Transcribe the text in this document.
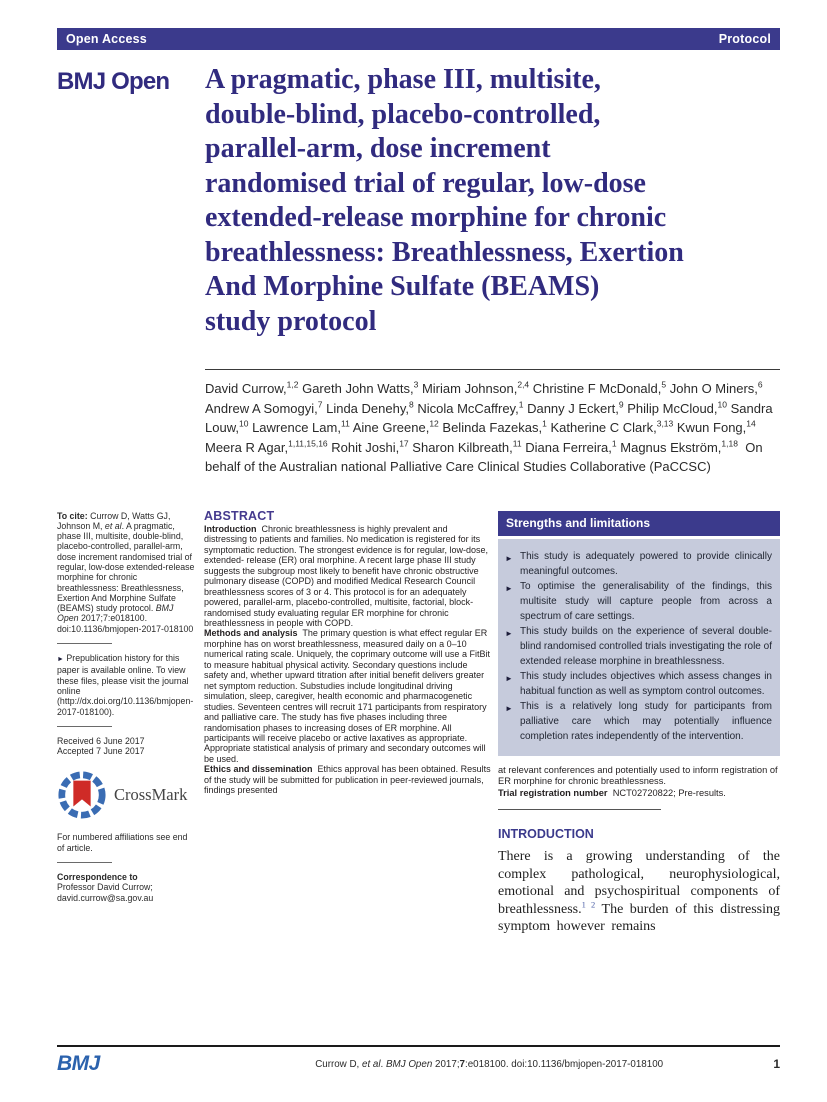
Open Access	Protocol
BMJ Open	A pragmatic, phase III, multisite,
double-blind, placebo-controlled,
parallel-arm, dose increment
randomised trial of regular, low-dose
extended-release morphine for chronic
breathlessness: Breathlessness, Exertion
And Morphine Sulfate (BEAMS)
study protocol

David Currow,$^{1,2}$ Gareth John Watts,$^3$ Miriam Johnson,$^{2,4}$ Christine F McDonald,$^5$ John O Miners,$^6$ Andrew A Somogyi,$^7$ Linda Denehy,$^8$ Nicola McCaffrey,$^1$ Danny J Eckert,$^9$ Philip McCloud,$^{10}$ Sandra Louw,$^{10}$ Lawrence Lam,$^{11}$ Aine Greene,$^{12}$ Belinda Fazekas,$^1$ Katherine C Clark,$^{3,13}$ Kwun Fong,$^{14}$ Meera R Agar,$^{1,11,15,16}$ Rohit Joshi,$^{17}$ Sharon Kilbreath,$^{11}$ Diana Ferreira,$^1$ Magnus Ekström,$^{1,18}$  On behalf of the Australian national Palliative Care Clinical Studies Collaborative (PaCCSC)

To cite: Currow D, Watts GJ, Johnson M, et al. A pragmatic, phase III, multisite, double-blind, placebo-controlled, parallel-arm, dose increment randomised trial of regular, low-dose extended-release morphine for chronic breathlessness: Breathlessness, Exertion And Morphine Sulfate (BEAMS) study protocol. BMJ Open 2017;7:e018100. doi:10.1136/bmjopen-2017-018100

► Prepublication history for this paper is available online. To view these files, please visit the journal online (http://dx.doi.org/10.1136/bmjopen-2017-018100).

Received 6 June 2017

Accepted 7 June 2017

CrossMark

For numbered affiliations see end of article.

Correspondence to
Professor David Currow; david.currow@sa.gov.au

ABSTRACT

Introduction  Chronic breathlessness is highly prevalent and distressing to patients and families. No medication is registered for its symptomatic reduction. The strongest evidence is for regular, low-dose, extended- release (ER) oral morphine. A recent large phase III study suggests the subgroup most likely to benefit have chronic obstructive pulmonary disease (COPD) and modified Medical Research Council breathlessness scores of 3 or 4. This protocol is for an adequately powered, parallel-arm, placebo-controlled, multisite, factorial, block-randomised study evaluating regular ER morphine for chronic breathlessness in people with COPD.

Methods and analysis  The primary question is what effect regular ER morphine has on worst breathlessness, measured daily on a 0–10 numerical rating scale. Uniquely, the coprimary outcome will use a FitBit to measure habitual physical activity. Secondary questions include safety and, whether upward titration after initial benefit delivers greater net symptom reduction. Substudies include longitudinal driving simulation, sleep, caregiver, health economic and pharmacogenetic studies. Seventeen centres will recruit 171 participants from respiratory and palliative care. The study has five phases including three randomisation phases to increasing doses of ER morphine. All participants will receive placebo or active laxatives as appropriate. Appropriate statistical analysis of primary and secondary outcomes will be used.

Ethics and dissemination  Ethics approval has been obtained. Results of the study will be submitted for publication in peer-reviewed journals, findings presented

Strengths and limitations
► This study is adequately powered to provide clinically meaningful outcomes.
► To optimise the generalisability of the findings, this multisite study will capture people from across a spectrum of care settings.
► This study builds on the experience of several double-blind randomised controlled trials investigating the role of extended release morphine in breathlessness.
► This study includes objectives which assess changes in habitual function as well as symptom control outcomes.
► This is a relatively long study for participants from palliative care which may potentially influence completion rates independently of the intervention.

at relevant conferences and potentially used to inform registration of ER morphine for chronic breathlessness.

Trial registration number NCT02720822; Pre-results.

INTRODUCTION

There is a growing understanding of the complex pathological, neurophysiological, emotional and psychospiritual components of breathlessness.$^{1 2}$ The burden of this distressing symptom however remains

BMJ	Currow D, et al. BMJ Open 2017;7:e018100. doi:10.1136/bmjopen-2017-018100	1
